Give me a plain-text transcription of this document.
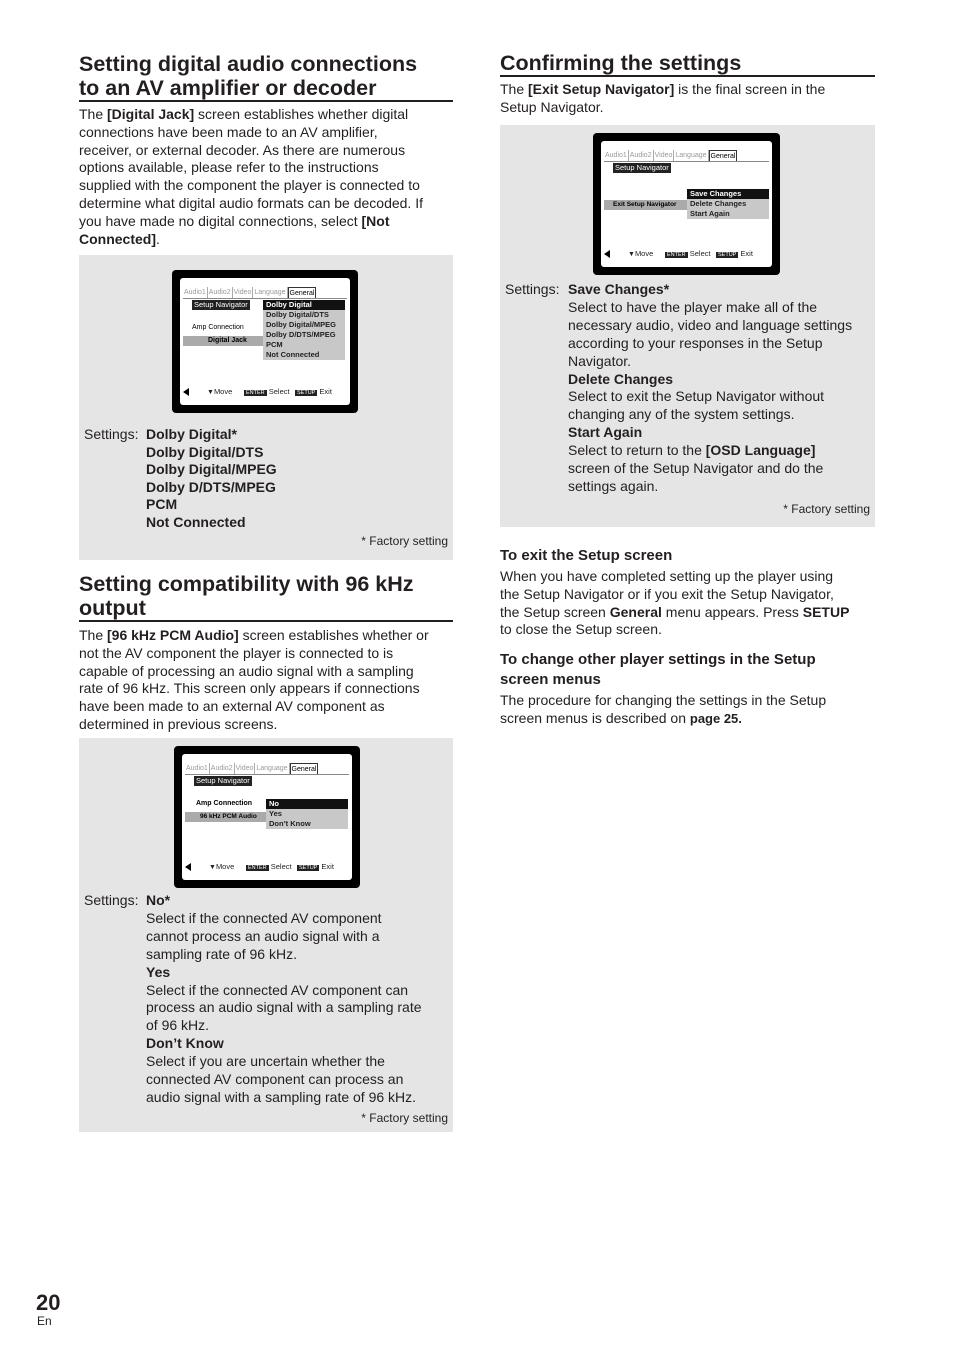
Setting digital audio connections
to an AV amplifier or decoder
The [Digital Jack] screen establishes whether digital
connections have been made to an AV amplifier,
receiver, or external decoder. As there are numerous
options available, please refer to the instructions
supplied with the component the player is connected to
determine what digital audio formats can be decoded. If
you have made no digital connections, select [Not
Connected].
Audio1 Audio2 Video Language General
Setup Navigator
Amp Connection
Digital Jack
Dolby Digital
Dolby Digital/DTS
Dolby Digital/MPEG
Dolby D/DTS/MPEG
PCM
Not Connected
▼Move	ENTER Select	SETUP Exit
Settings: Dolby Digital*
Dolby Digital/DTS
Dolby Digital/MPEG
Dolby D/DTS/MPEG
PCM
Not Connected
* Factory setting
Setting compatibility with 96 kHz
output
The [96 kHz PCM Audio] screen establishes whether or
not the AV component the player is connected to is
capable of processing an audio signal with a sampling
rate of 96 kHz. This screen only appears if connections
have been made to an external AV component as
determined in previous screens.
Audio1 Audio2 Video Language General
Setup Navigator
Amp Connection
96 kHz PCM Audio
No
Yes
Don’t Know
▼Move	ENTER Select	SETUP Exit
Settings: No*
Select if the connected AV component
cannot process an audio signal with a
sampling rate of 96 kHz.
Yes
Select if the connected AV component can
process an audio signal with a sampling rate
of 96 kHz.
Don’t Know
Select if you are uncertain whether the
connected AV component can process an
audio signal with a sampling rate of 96 kHz.
* Factory setting
Confirming the settings
The [Exit Setup Navigator] is the final screen in the
Setup Navigator.
Audio1 Audio2 Video Language General
Setup Navigator
Exit Setup Navigator
Save Changes
Delete Changes
Start Again
▼Move	ENTER Select	SETUP Exit
Settings: Save Changes*
Select to have the player make all of the
necessary audio, video and language settings
according to your responses in the Setup
Navigator.
Delete Changes
Select to exit the Setup Navigator without
changing any of the system settings.
Start Again
Select to return to the [OSD Language]
screen of the Setup Navigator and do the
settings again.
* Factory setting
To exit the Setup screen
When you have completed setting up the player using
the Setup Navigator or if you exit the Setup Navigator,
the Setup screen General menu appears. Press SETUP
to close the Setup screen.
To change other player settings in the Setup
screen menus
The procedure for changing the settings in the Setup
screen menus is described on page 25.
20
En
